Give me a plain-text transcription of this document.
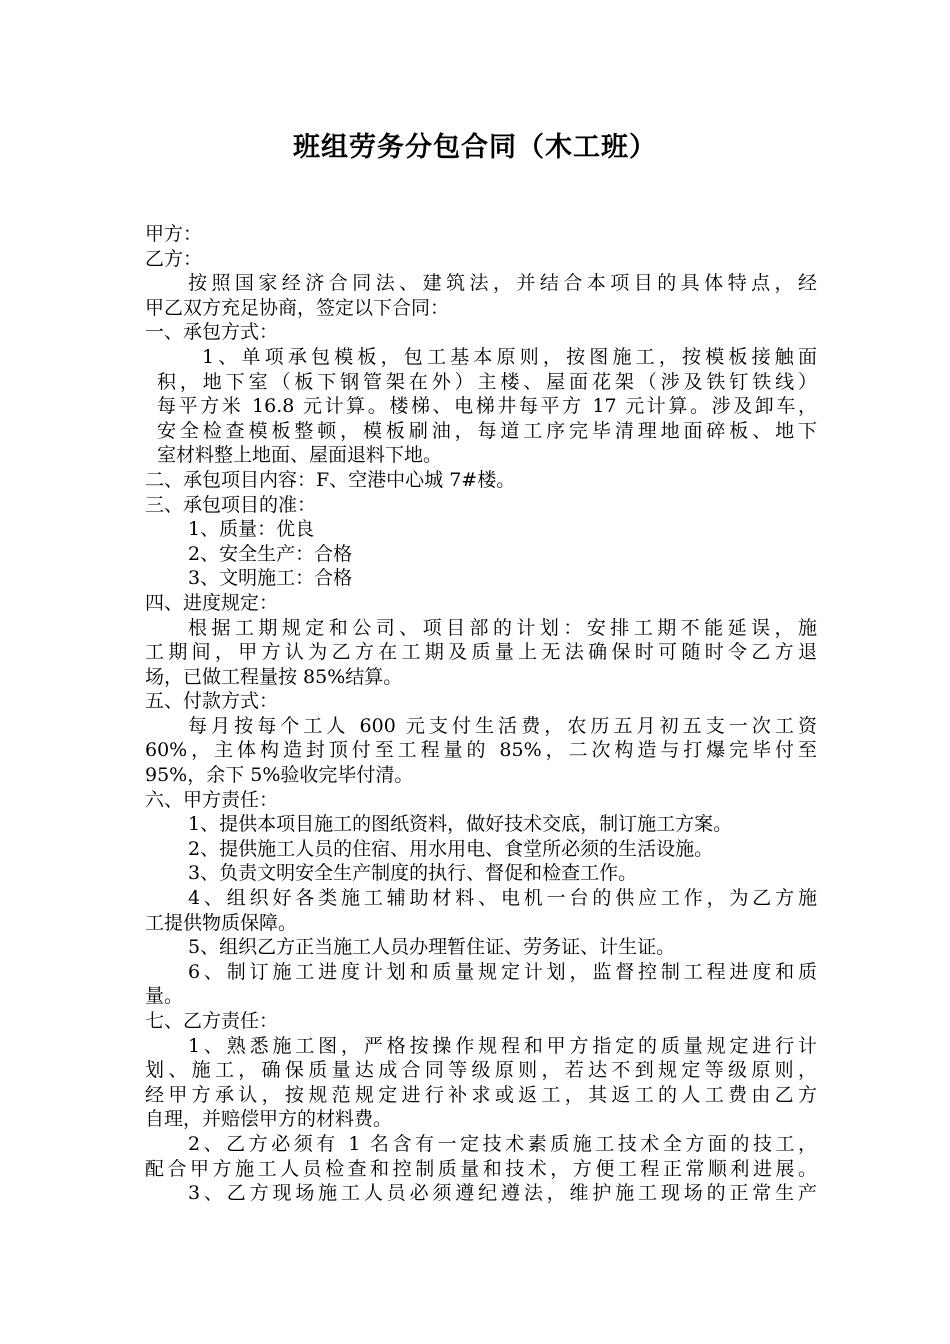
班组劳务分包合同（木工班）
甲方：
乙方：
按照国家经济合同法、建筑法，并结合本项目的具体特点，经
甲乙双方充足协商，签定以下合同：
一、承包方式：
1、单项承包模板，包工基本原则，按图施工，按模板接触面
积，地下室（板下钢管架在外）主楼、屋面花架（涉及铁钉铁线）
每平方米 16.8 元计算。楼梯、电梯井每平方 17 元计算。涉及卸车，
安全检查模板整顿，模板刷油，每道工序完毕清理地面碎板、地下
室材料整上地面、屋面退料下地。
二、承包项目内容：F、空港中心城 7#楼。
三、承包项目的准：
1、质量：优良
2、安全生产：合格
3、文明施工：合格
四、进度规定：
根据工期规定和公司、项目部的计划：安排工期不能延误，施
工期间，甲方认为乙方在工期及质量上无法确保时可随时令乙方退
场，已做工程量按 85%结算。
五、付款方式：
每月按每个工人 600 元支付生活费，农历五月初五支一次工资
60%，主体构造封顶付至工程量的 85%，二次构造与打爆完毕付至
95%，余下 5%验收完毕付清。
六、甲方责任：
1、提供本项目施工的图纸资料，做好技术交底，制订施工方案。
2、提供施工人员的住宿、用水用电、食堂所必须的生活设施。
3、负责文明安全生产制度的执行、督促和检查工作。
4、组织好各类施工辅助材料、电机一台的供应工作，为乙方施
工提供物质保障。
5、组织乙方正当施工人员办理暂住证、劳务证、计生证。
6、制订施工进度计划和质量规定计划，监督控制工程进度和质
量。
七、乙方责任：
1、熟悉施工图，严格按操作规程和甲方指定的质量规定进行计
划、施工，确保质量达成合同等级原则，若达不到规定等级原则，
经甲方承认，按规范规定进行补求或返工，其返工的人工费由乙方
自理，并赔偿甲方的材料费。
2、乙方必须有 1 名含有一定技术素质施工技术全方面的技工，
配合甲方施工人员检查和控制质量和技术，方便工程正常顺利进展。
3、乙方现场施工人员必须遵纪遵法，维护施工现场的正常生产
